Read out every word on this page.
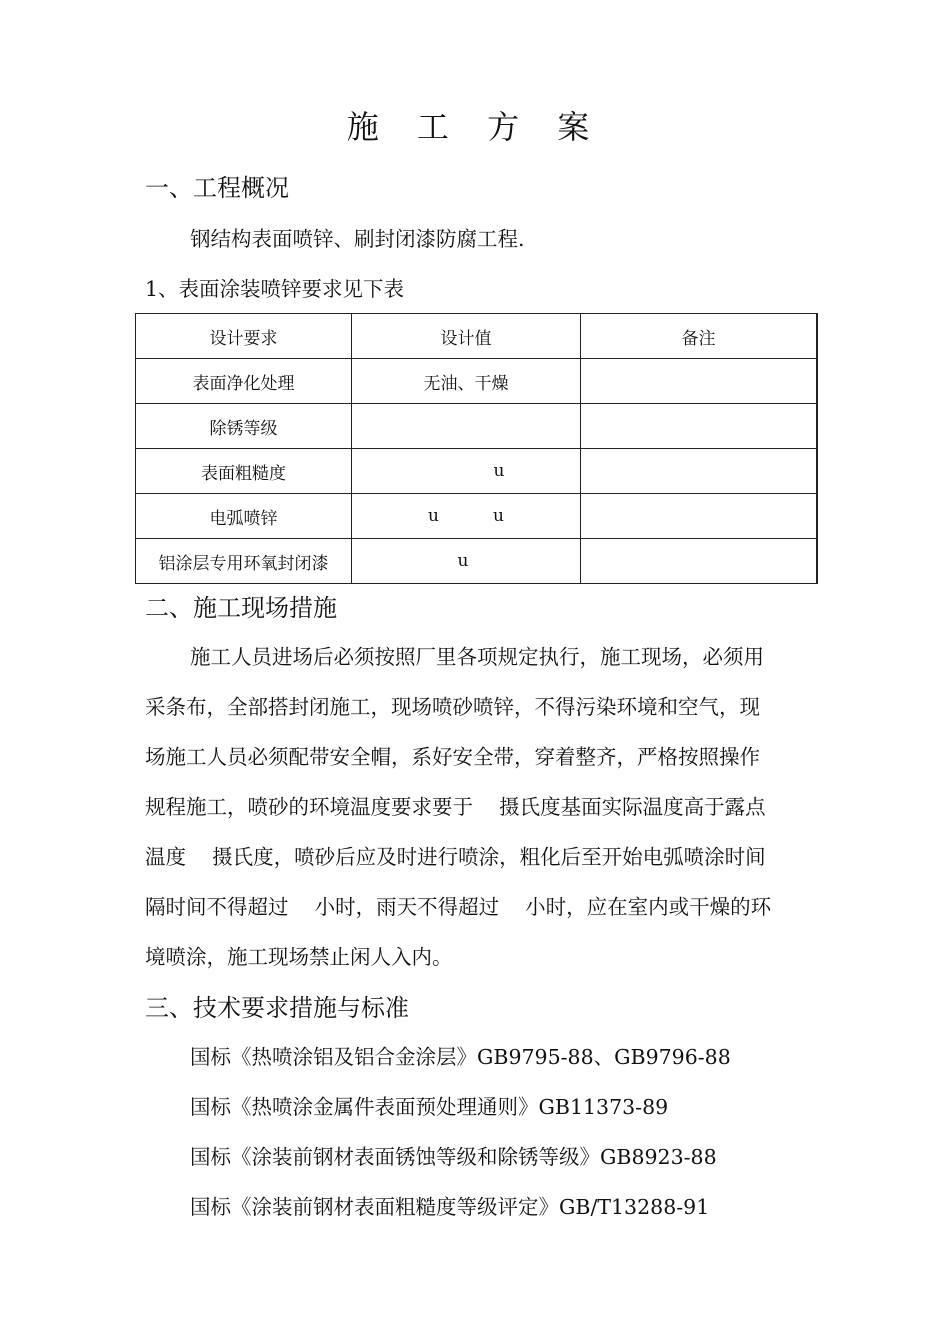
施 工 方 案
一、工程概况
钢结构表面喷锌、刷封闭漆防腐工程.
1、表面涂装喷锌要求见下表
设计要求	设计值	备注
表面净化处理	无油、干燥	
除锈等级		
表面粗糙度	u	
电弧喷锌	u          u	
铝涂层专用环氧封闭漆	u	
二、施工现场措施
施工人员进场后必须按照厂里各项规定执行，施工现场，必须用
采条布，全部搭封闭施工，现场喷砂喷锌，不得污染环境和空气，现
场施工人员必须配带安全帽，系好安全带，穿着整齐，严格按照操作
规程施工，喷砂的环境温度要求要于    摄氏度基面实际温度高于露点
温度    摄氏度，喷砂后应及时进行喷涂，粗化后至开始电弧喷涂时间
隔时间不得超过    小时，雨天不得超过    小时，应在室内或干燥的环
境喷涂，施工现场禁止闲人入内。
三、技术要求措施与标准
国标《热喷涂铝及铝合金涂层》GB9795-88、GB9796-88
国标《热喷涂金属件表面预处理通则》GB11373-89
国标《涂装前钢材表面锈蚀等级和除锈等级》GB8923-88
国标《涂装前钢材表面粗糙度等级评定》GB/T13288-91
